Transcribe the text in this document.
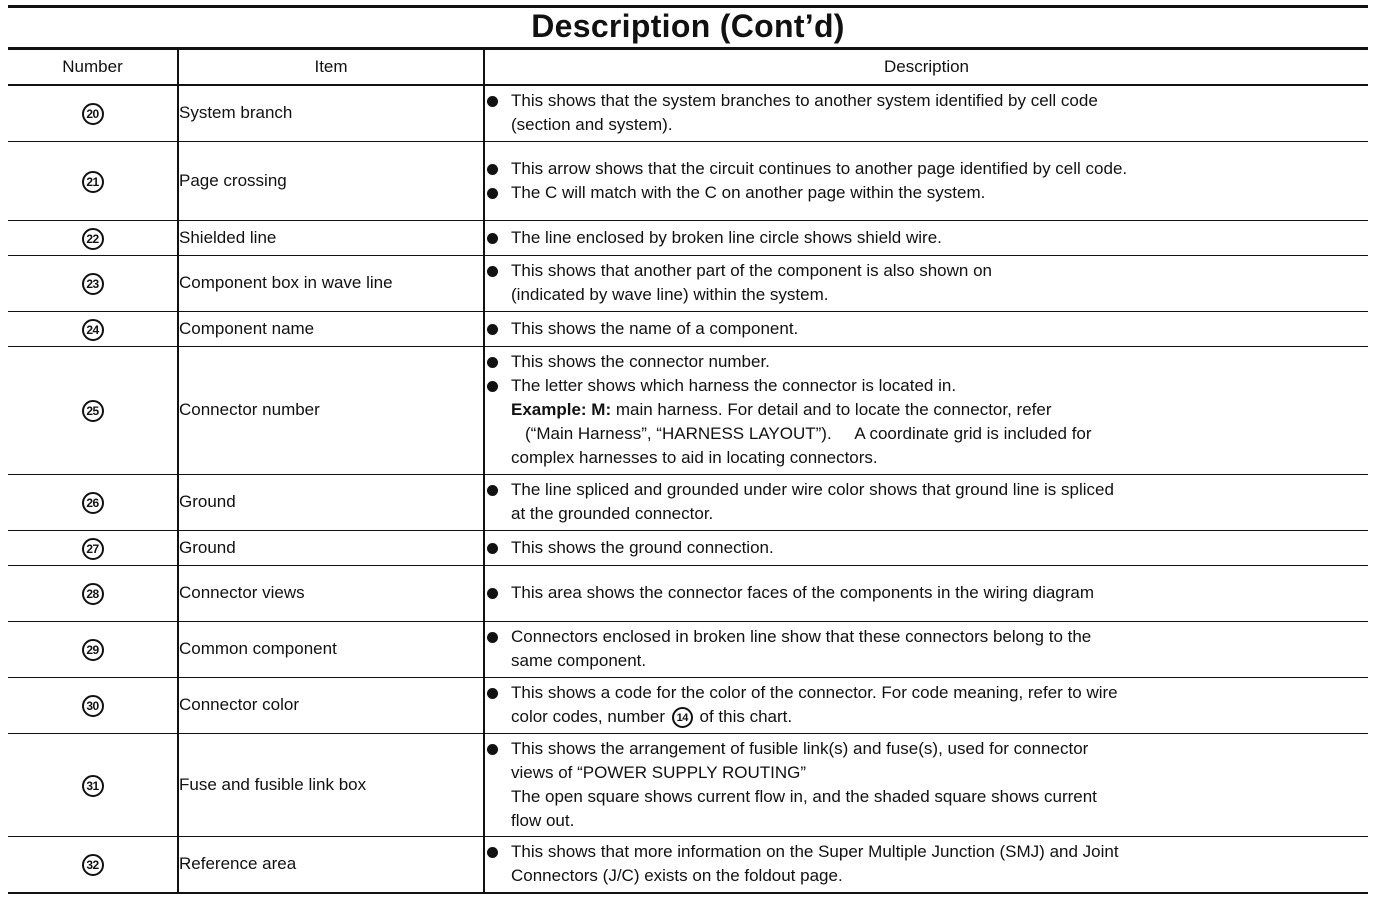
Description (Cont’d)
Number	Item	Description
20	System branch	This shows that the system branches to another system identified by cell code
(section and system).

21	Page crossing	This arrow shows that the circuit continues to another page identified by cell code.
The C will match with the C on another page within the system.

22	Shielded line	The line enclosed by broken line circle shows shield wire.

23	Component box in wave line	This shows that another part of the component is also shown on
(indicated by wave line) within the system.

24	Component name	This shows the name of a component.

25	Connector number	This shows the connector number.
The letter shows which harness the connector is located in.
Example: M: main harness. For detail and to locate the connector, refer
(“Main Harness”, “HARNESS LAYOUT”).     A coordinate grid is included for
complex harnesses to aid in locating connectors.

26	Ground	The line spliced and grounded under wire color shows that ground line is spliced
at the grounded connector.

27	Ground	This shows the ground connection.

28	Connector views	This area shows the connector faces of the components in the wiring diagram

29	Common component	Connectors enclosed in broken line show that these connectors belong to the
same component.

30	Connector color	This shows a code for the color of the connector. For code meaning, refer to wire
color codes, number 14 of this chart.

31	Fuse and fusible link box	This shows the arrangement of fusible link(s) and fuse(s), used for connector
views of “POWER SUPPLY ROUTING”
The open square shows current flow in, and the shaded square shows current
flow out.

32	Reference area	This shows that more information on the Super Multiple Junction (SMJ) and Joint
Connectors (J/C) exists on the foldout page.
